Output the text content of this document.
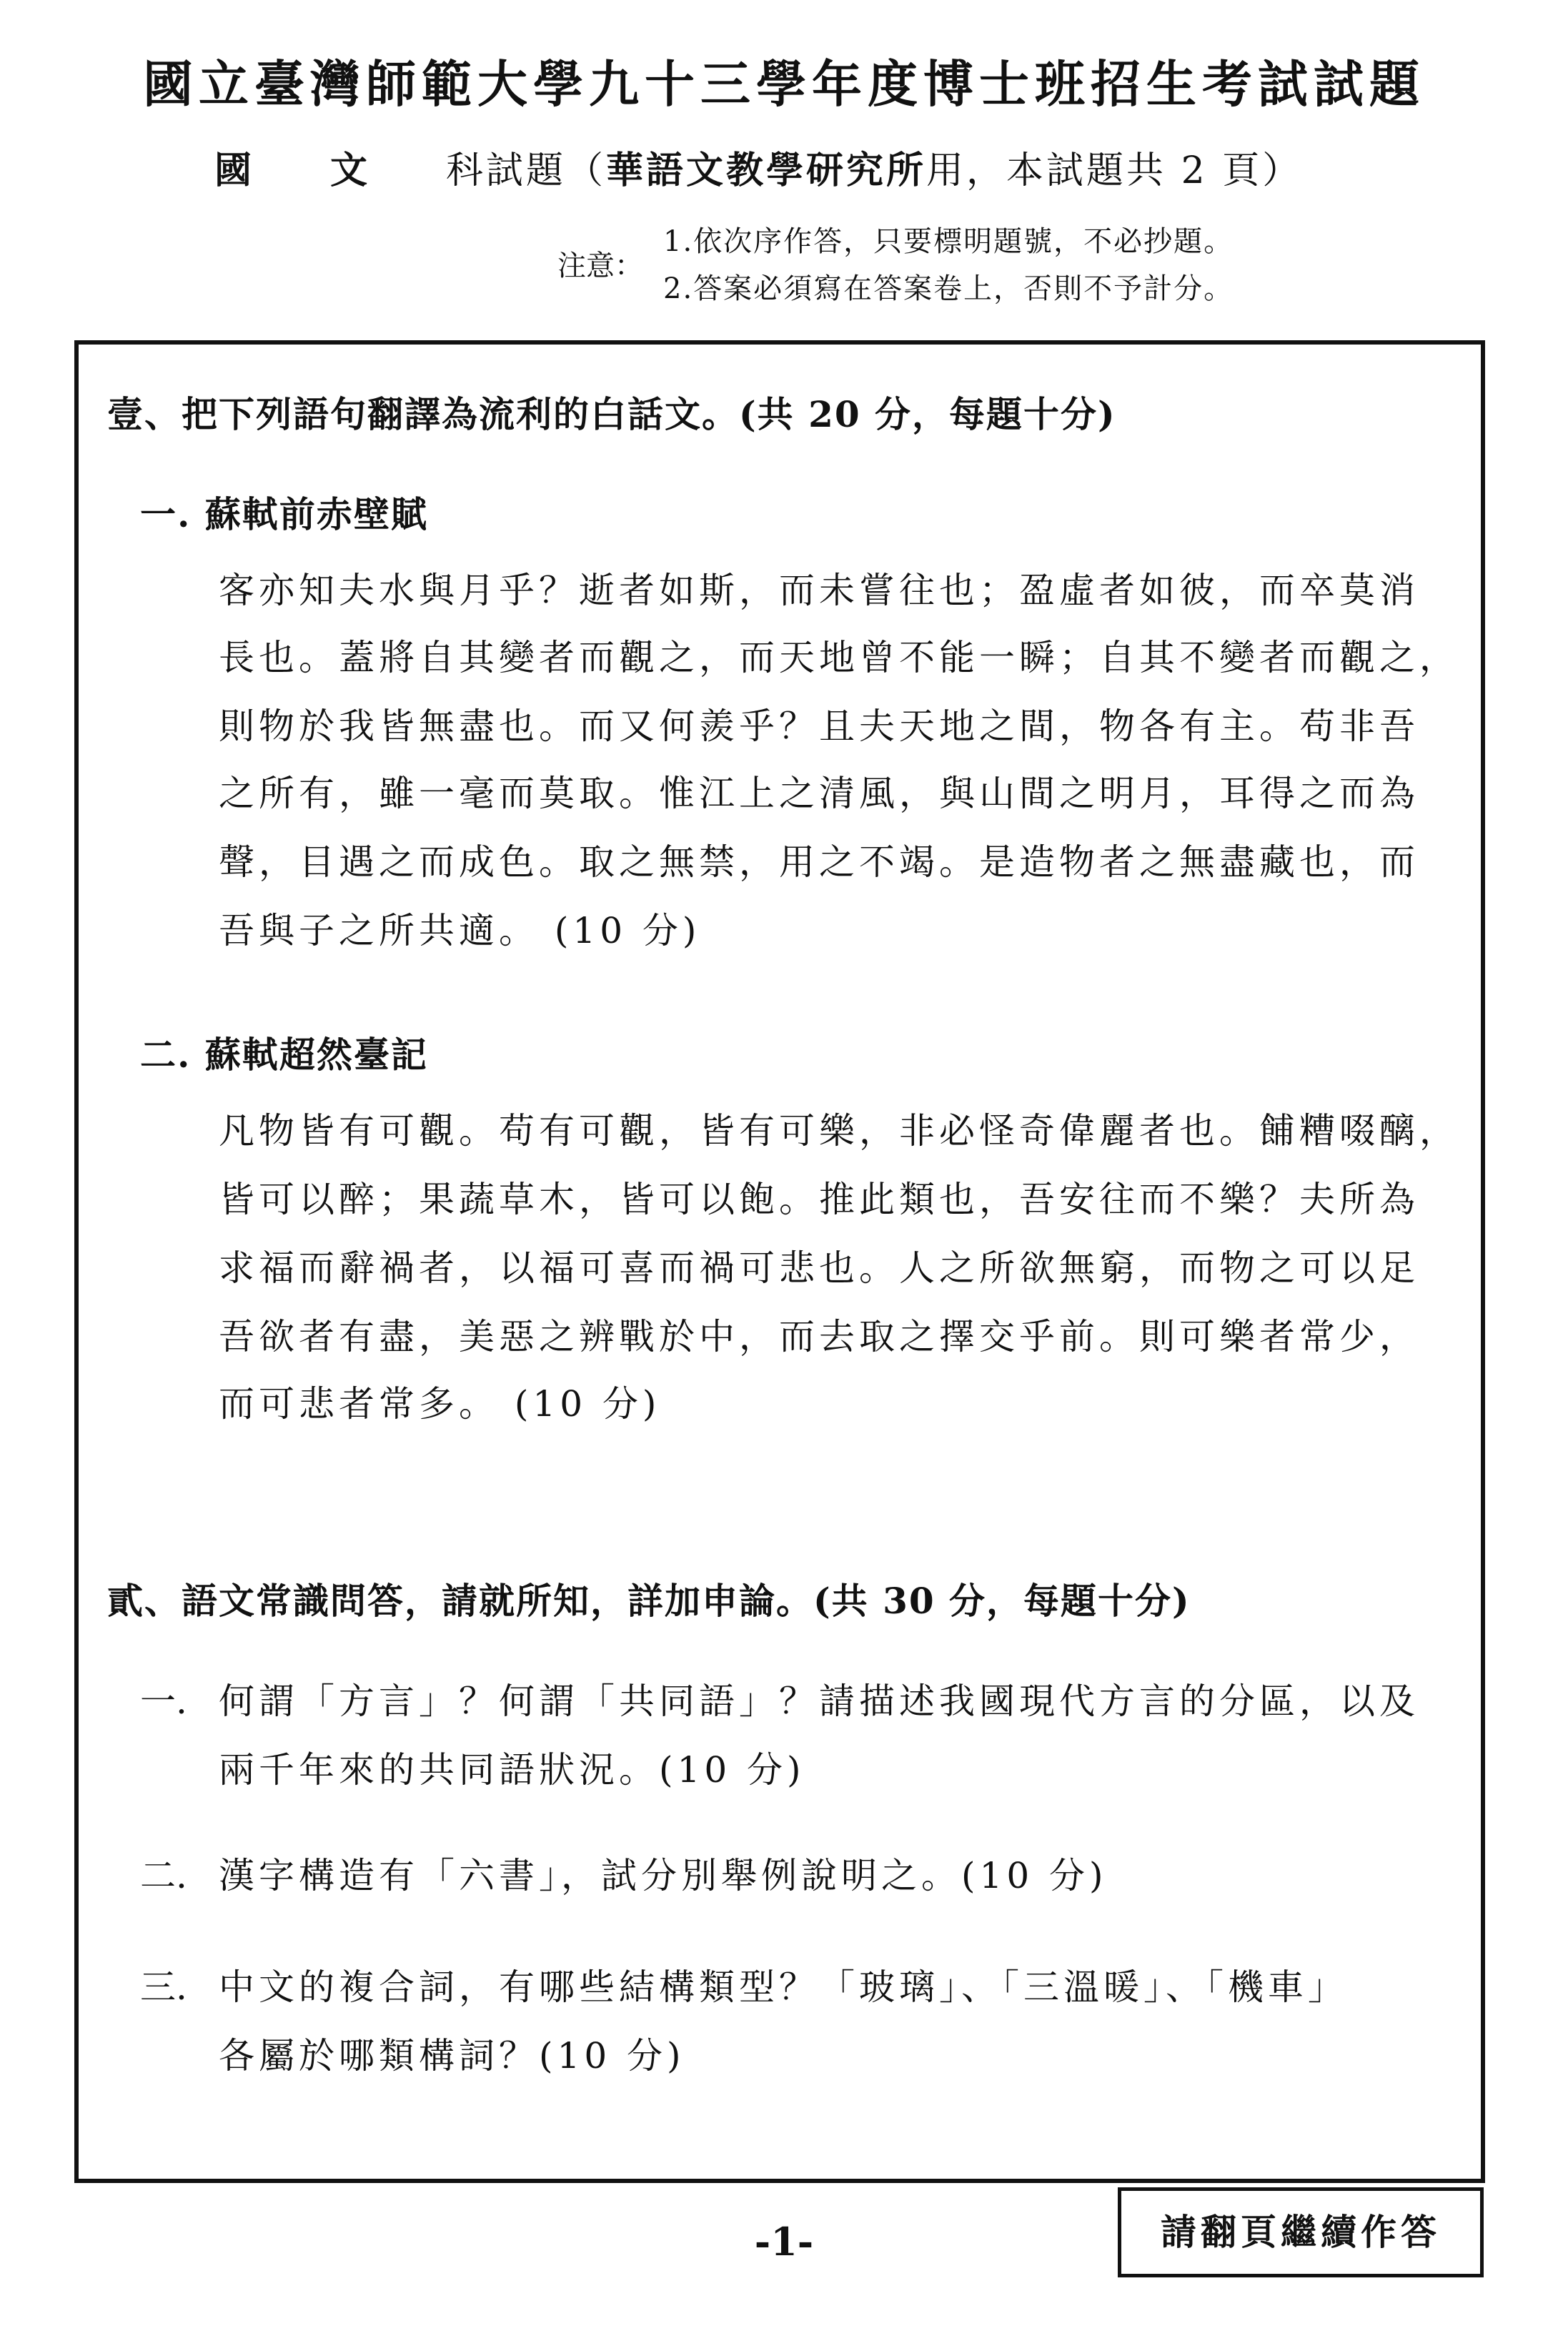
國立臺灣師範大學九十三學年度博士班招生考試試題
國文科試題（華語文教學研究所用，本試題共 2 頁）
注意：
1.依次序作答，只要標明題號，不必抄題。
2.答案必須寫在答案卷上，否則不予計分。
壹、把下列語句翻譯為流利的白話文。(共 20 分，每題十分)
一. 蘇軾前赤壁賦
客亦知夫水與月乎？逝者如斯，而未嘗往也；盈虛者如彼，而卒莫消
長也。蓋將自其變者而觀之，而天地曾不能一瞬；自其不變者而觀之，
則物於我皆無盡也。而又何羨乎？且夫天地之間，物各有主。苟非吾
之所有，雖一毫而莫取。惟江上之清風，與山間之明月，耳得之而為
聲，目遇之而成色。取之無禁，用之不竭。是造物者之無盡藏也，而
吾與子之所共適。 (10 分)
二. 蘇軾超然臺記
凡物皆有可觀。苟有可觀，皆有可樂，非必怪奇偉麗者也。餔糟啜醨，
皆可以醉；果蔬草木，皆可以飽。推此類也，吾安往而不樂？夫所為
求福而辭禍者，以福可喜而禍可悲也。人之所欲無窮，而物之可以足
吾欲者有盡，美惡之辨戰於中，而去取之擇交乎前。則可樂者常少，
而可悲者常多。 (10 分)
貳、語文常識問答，請就所知，詳加申論。(共 30 分，每題十分)
一. 何謂「方言」？何謂「共同語」？請描述我國現代方言的分區，以及
兩千年來的共同語狀況。(10 分)
二. 漢字構造有「六書」，試分別舉例說明之。(10 分)
三. 中文的複合詞，有哪些結構類型？「玻璃」、「三溫暖」、「機車」
各屬於哪類構詞？(10 分)
-1-	請翻頁繼續作答
